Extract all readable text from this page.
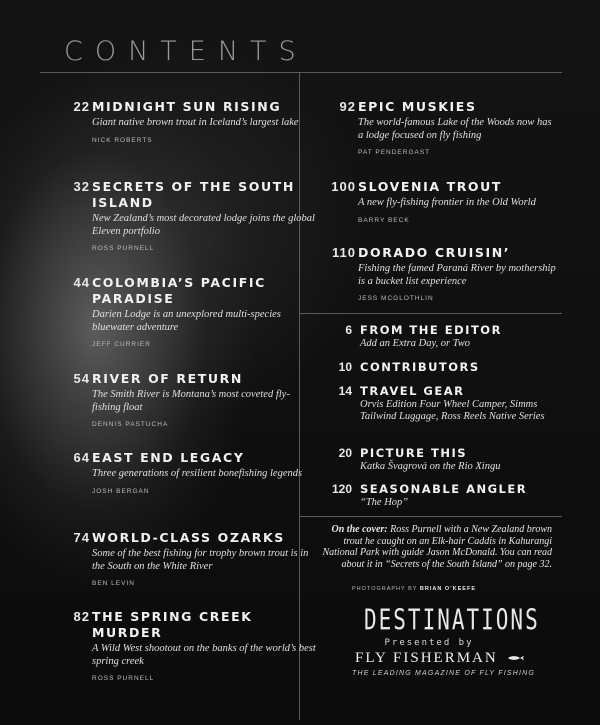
CONTENTS
22 MIDNIGHT SUN RISING
Giant native brown trout in Iceland’s largest lake
NICK ROBERTS
32 SECRETS OF THE SOUTH ISLAND
New Zealand’s most decorated lodge joins the global Eleven portfolio
ROSS PURNELL
44 COLOMBIA’S PACIFIC PARADISE
Darien Lodge is an unexplored multi-species bluewater adventure
JEFF CURRIER
54 RIVER OF RETURN
The Smith River is Montana’s most coveted fly-fishing float
DENNIS PASTUCHA
64 EAST END LEGACY
Three generations of resilient bonefishing legends
JOSH BERGAN
74 WORLD-CLASS OZARKS
Some of the best fishing for trophy brown trout is in the South on the White River
BEN LEVIN
82 THE SPRING CREEK MURDER
A Wild West shootout on the banks of the world’s best spring creek
ROSS PURNELL
92 EPIC MUSKIES
The world-famous Lake of the Woods now has a lodge focused on fly fishing
PAT PENDERGAST
100 SLOVENIA TROUT
A new fly-fishing frontier in the Old World
BARRY BECK
110 DORADO CRUISIN’
Fishing the famed Paraná River by mothership is a bucket list experience
JESS MCGLOTHLIN
6 FROM THE EDITOR
Add an Extra Day, or Two
10 CONTRIBUTORS
14 TRAVEL GEAR
Orvis Edition Four Wheel Camper, Simms Tailwind Luggage, Ross Reels Native Series
20 PICTURE THIS
Katka Švagrová on the Rio Xingu
120 SEASONABLE ANGLER
“The Hop”
On the cover: Ross Purnell with a New Zealand brown trout he caught on an Elk-hair Caddis in Kahurangi National Park with guide Jason McDonald. You can read about it in “Secrets of the South Island” on page 32.
PHOTOGRAPHY BY BRIAN O’KEEFE
DESTINATIONS
Presented by
FLY FISHERMAN
THE LEADING MAGAZINE OF FLY FISHING
